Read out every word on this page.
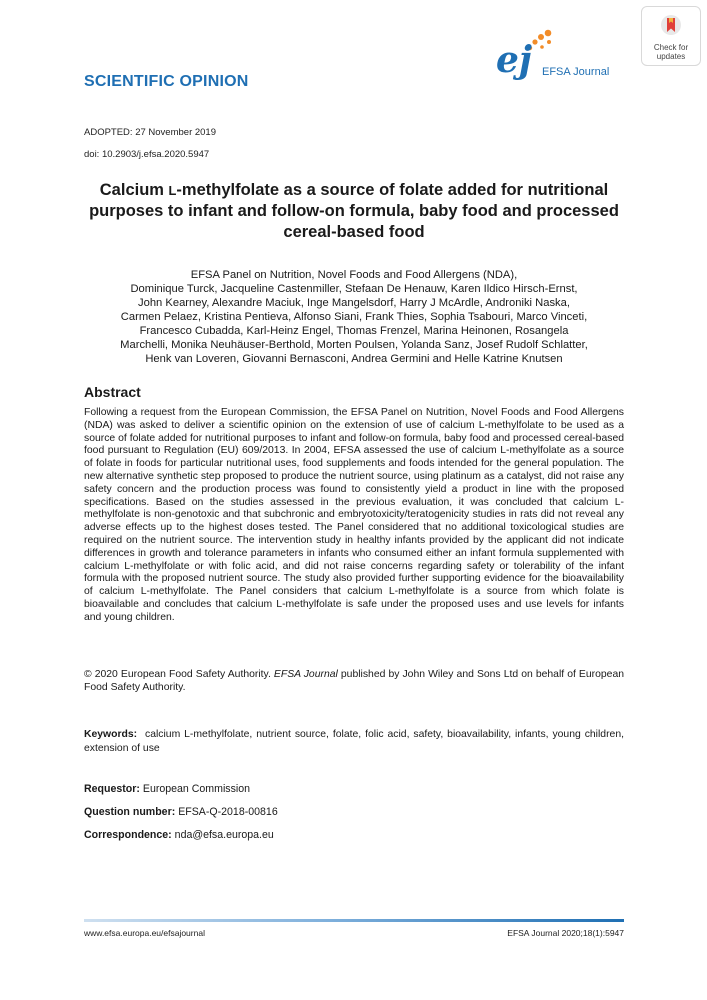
SCIENTIFIC OPINION
ej EFSA Journal
Check for updates
ADOPTED: 27 November 2019
doi: 10.2903/j.efsa.2020.5947
Calcium L-methylfolate as a source of folate added for nutritional purposes to infant and follow-on formula, baby food and processed cereal-based food
EFSA Panel on Nutrition, Novel Foods and Food Allergens (NDA),
Dominique Turck, Jacqueline Castenmiller, Stefaan De Henauw, Karen Ildico Hirsch-Ernst,
John Kearney, Alexandre Maciuk, Inge Mangelsdorf, Harry J McArdle, Androniki Naska,
Carmen Pelaez, Kristina Pentieva, Alfonso Siani, Frank Thies, Sophia Tsabouri, Marco Vinceti,
Francesco Cubadda, Karl-Heinz Engel, Thomas Frenzel, Marina Heinonen, Rosangela
Marchelli, Monika Neuhäuser-Berthold, Morten Poulsen, Yolanda Sanz, Josef Rudolf Schlatter,
Henk van Loveren, Giovanni Bernasconi, Andrea Germini and Helle Katrine Knutsen
Abstract
Following a request from the European Commission, the EFSA Panel on Nutrition, Novel Foods and Food Allergens (NDA) was asked to deliver a scientific opinion on the extension of use of calcium L-methylfolate to be used as a source of folate added for nutritional purposes to infant and follow-on formula, baby food and processed cereal-based food pursuant to Regulation (EU) 609/2013. In 2004, EFSA assessed the use of calcium L-methylfolate as a source of folate in foods for particular nutritional uses, food supplements and foods intended for the general population. The new alternative synthetic step proposed to produce the nutrient source, using platinum as a catalyst, did not raise any safety concern and the production process was found to consistently yield a product in line with the proposed specifications. Based on the studies assessed in the previous evaluation, it was concluded that calcium L-methylfolate is non-genotoxic and that subchronic and embryotoxicity/teratogenicity studies in rats did not reveal any adverse effects up to the highest doses tested. The Panel considered that no additional toxicological studies are required on the nutrient source. The intervention study in healthy infants provided by the applicant did not indicate differences in growth and tolerance parameters in infants who consumed either an infant formula supplemented with calcium L-methylfolate or with folic acid, and did not raise concerns regarding safety or tolerability of the infant formula with the proposed nutrient source. The study also provided further supporting evidence for the bioavailability of calcium L-methylfolate. The Panel considers that calcium L-methylfolate is a source from which folate is bioavailable and concludes that calcium L-methylfolate is safe under the proposed uses and use levels for infants and young children.
© 2020 European Food Safety Authority. EFSA Journal published by John Wiley and Sons Ltd on behalf of European Food Safety Authority.
Keywords: calcium L-methylfolate, nutrient source, folate, folic acid, safety, bioavailability, infants, young children, extension of use
Requestor: European Commission
Question number: EFSA-Q-2018-00816
Correspondence: nda@efsa.europa.eu
www.efsa.europa.eu/efsajournal	EFSA Journal 2020;18(1):5947
